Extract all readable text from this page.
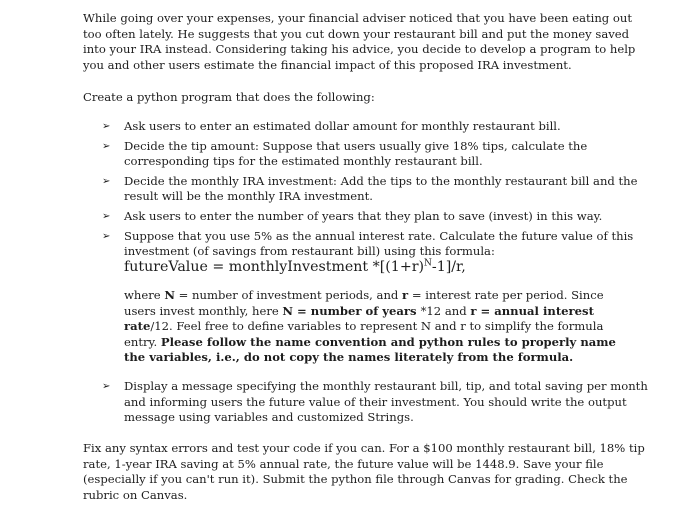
While going over your expenses, your financial adviser noticed that you have been eating out too often lately. He suggests that you cut down your restaurant bill and put the money saved into your IRA instead. Considering taking his advice, you decide to develop a program to help you and other users estimate the financial impact of this proposed IRA investment.

Create a python program that does the following:

➢ Ask users to enter an estimated dollar amount for monthly restaurant bill.
➢ Decide the tip amount: Suppose that users usually give 18% tips, calculate the corresponding tips for the estimated monthly restaurant bill.
➢ Decide the monthly IRA investment: Add the tips to the monthly restaurant bill and the result will be the monthly IRA investment.
➢ Ask users to enter the number of years that they plan to save (invest) in this way.
➢ Suppose that you use 5% as the annual interest rate. Calculate the future value of this investment (of savings from restaurant bill) using this formula:
futureValue = monthlyInvestment $*[(1+r)^N-1]/r$,

where N = number of investment periods, and r = interest rate per period. Since users invest monthly, here N = number of years *12 and r = annual interest rate/12. Feel free to define variables to represent N and r to simplify the formula entry. Please follow the name convention and python rules to properly name the variables, i.e., do not copy the names literately from the formula.

➢ Display a message specifying the monthly restaurant bill, tip, and total saving per month and informing users the future value of their investment. You should write the output message using variables and customized Strings.

Fix any syntax errors and test your code if you can. For a $100 monthly restaurant bill, 18% tip rate, 1-year IRA saving at 5% annual rate, the future value will be 1448.9. Save your file (especially if you can't run it). Submit the python file through Canvas for grading. Check the rubric on Canvas.
